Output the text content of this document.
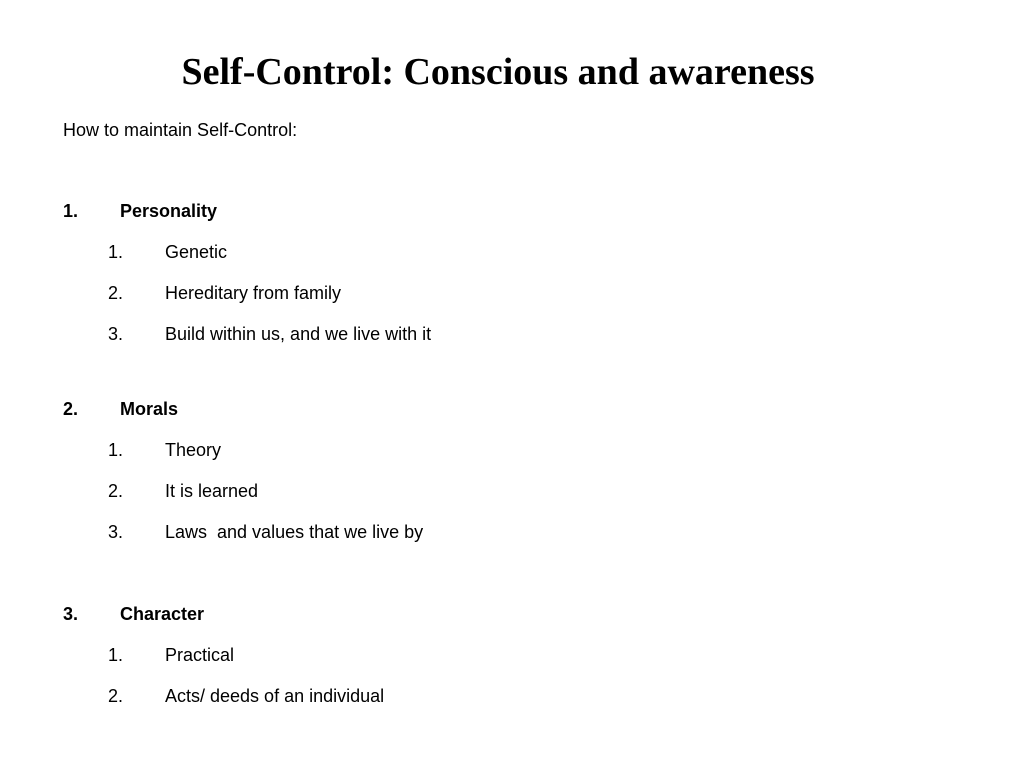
Self-Control: Conscious and awareness
How to maintain Self-Control:
1. Personality
1. Genetic
2. Hereditary from family
3. Build within us, and we live with it
2. Morals
1. Theory
2. It is learned
3. Laws  and values that we live by
3. Character
1. Practical
2. Acts/ deeds of an individual
